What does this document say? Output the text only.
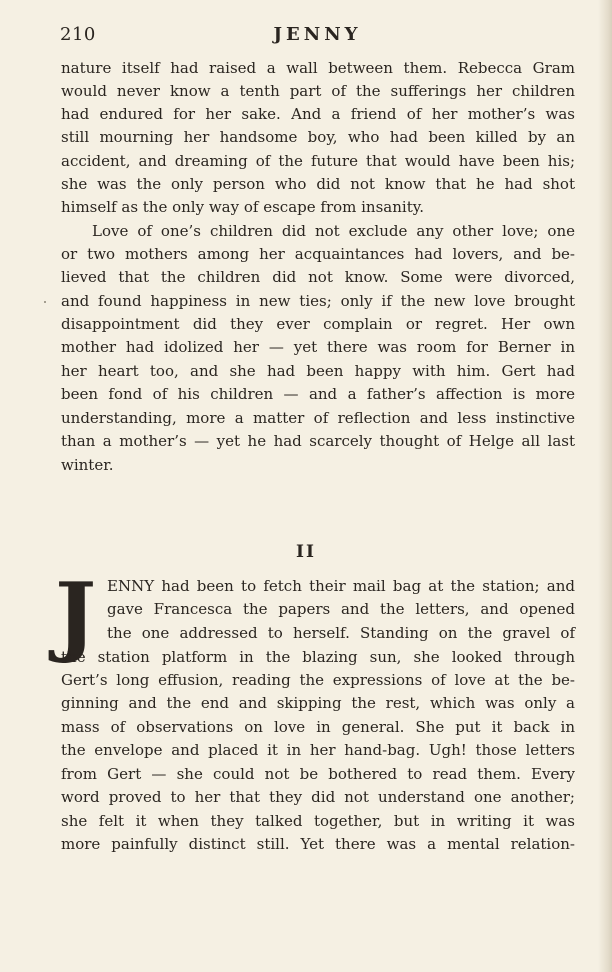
210	JENNY
nature itself had raised a wall between them. Rebecca Gram
would never know a tenth part of the sufferings her children
had endured for her sake. And a friend of her mother’s was
still mourning her handsome boy, who had been killed by an
accident, and dreaming of the future that would have been his;
she was the only person who did not know that he had shot
himself as the only way of escape from insanity.
Love of one’s children did not exclude any other love; one
or two mothers among her acquaintances had lovers, and be-
lieved that the children did not know. Some were divorced,
and found happiness in new ties; only if the new love brought
disappointment did they ever complain or regret. Her own
mother had idolized her — yet there was room for Berner in
her heart too, and she had been happy with him. Gert had
been fond of his children — and a father’s affection is more
understanding, more a matter of reflection and less instinctive
than a mother’s — yet he had scarcely thought of Helge all last
winter.
II
J ENNY had been to fetch their mail bag at the station; and
gave Francesca the papers and the letters, and opened
the one addressed to herself. Standing on the gravel of
the station platform in the blazing sun, she looked through
Gert’s long effusion, reading the expressions of love at the be-
ginning and the end and skipping the rest, which was only a
mass of observations on love in general. She put it back in
the envelope and placed it in her hand-bag. Ugh! those letters
from Gert — she could not be bothered to read them. Every
word proved to her that they did not understand one another;
she felt it when they talked together, but in writing it was
more painfully distinct still. Yet there was a mental relation-
